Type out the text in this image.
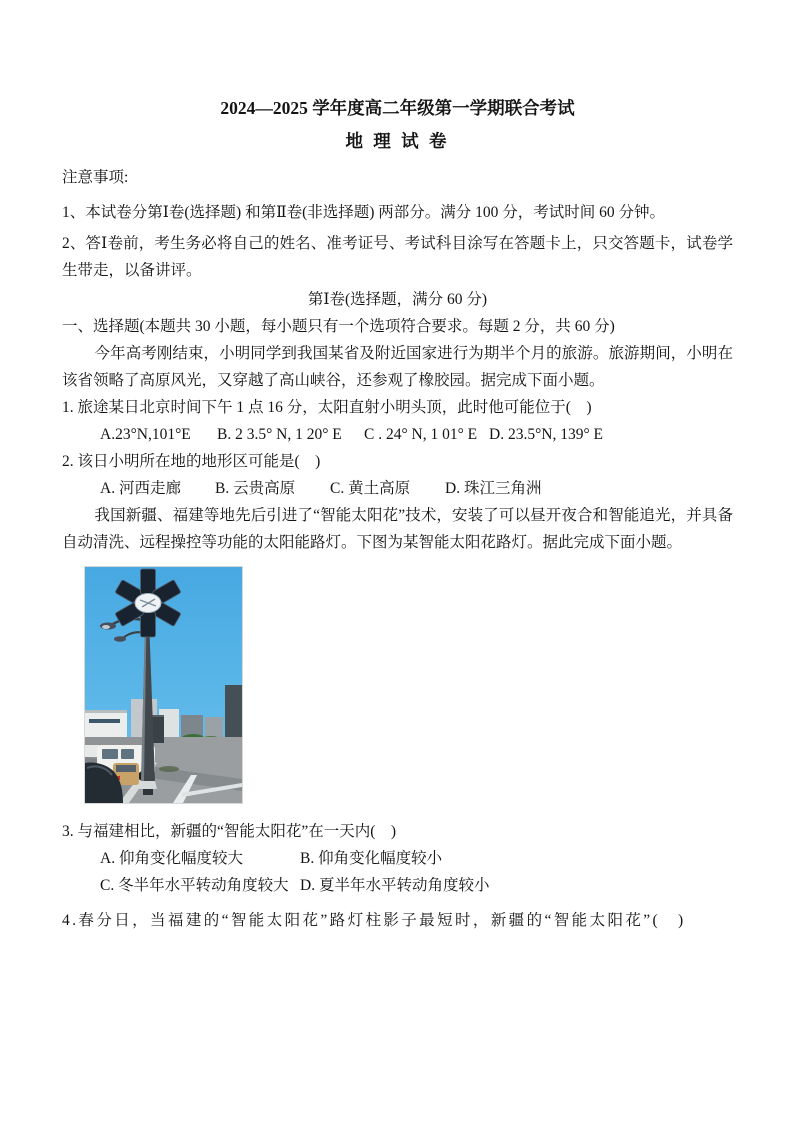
2024—2025 学年度高二年级第一学期联合考试
地 理 试 卷

注意事项:

1、本试卷分第Ⅰ卷(选择题) 和第Ⅱ卷(非选择题) 两部分。满分 100 分，考试时间 60 分钟。

2、答Ⅰ卷前，考生务必将自己的姓名、准考证号、考试科目涂写在答题卡上，只交答题卡，试卷学生带走，以备讲评。

第Ⅰ卷(选择题，满分 60 分)

一、选择题(本题共 30 小题，每小题只有一个选项符合要求。每题 2 分，共 60 分)

今年高考刚结束，小明同学到我国某省及附近国家进行为期半个月的旅游。旅游期间，小明在该省领略了高原风光，又穿越了高山峡谷，还参观了橡胶园。据完成下面小题。

1. 旅途某日北京时间下午 1 点 16 分，太阳直射小明头顶，此时他可能位于(　)

A.23°N,101°E	B. 2 3.5° N, 1 20° E	C . 24° N, 1 01° E D. 23.5°N, 139° E

2. 该日小明所在地的地形区可能是(　)

A. 河西走廊	B. 云贵高原	C. 黄土高原	D. 珠江三角洲

我国新疆、福建等地先后引进了“智能太阳花”技术，安装了可以昼开夜合和智能追光，并具备自动清洗、远程操控等功能的太阳能路灯。下图为某智能太阳花路灯。据此完成下面小题。

3. 与福建相比，新疆的“智能太阳花”在一天内(　)

A. 仰角变化幅度较大	B. 仰角变化幅度较小
C. 冬半年水平转动角度较大 D. 夏半年水平转动角度较小

4.春分日，当福建的“智能太阳花”路灯柱影子最短时，新疆的“智能太阳花”(　)
